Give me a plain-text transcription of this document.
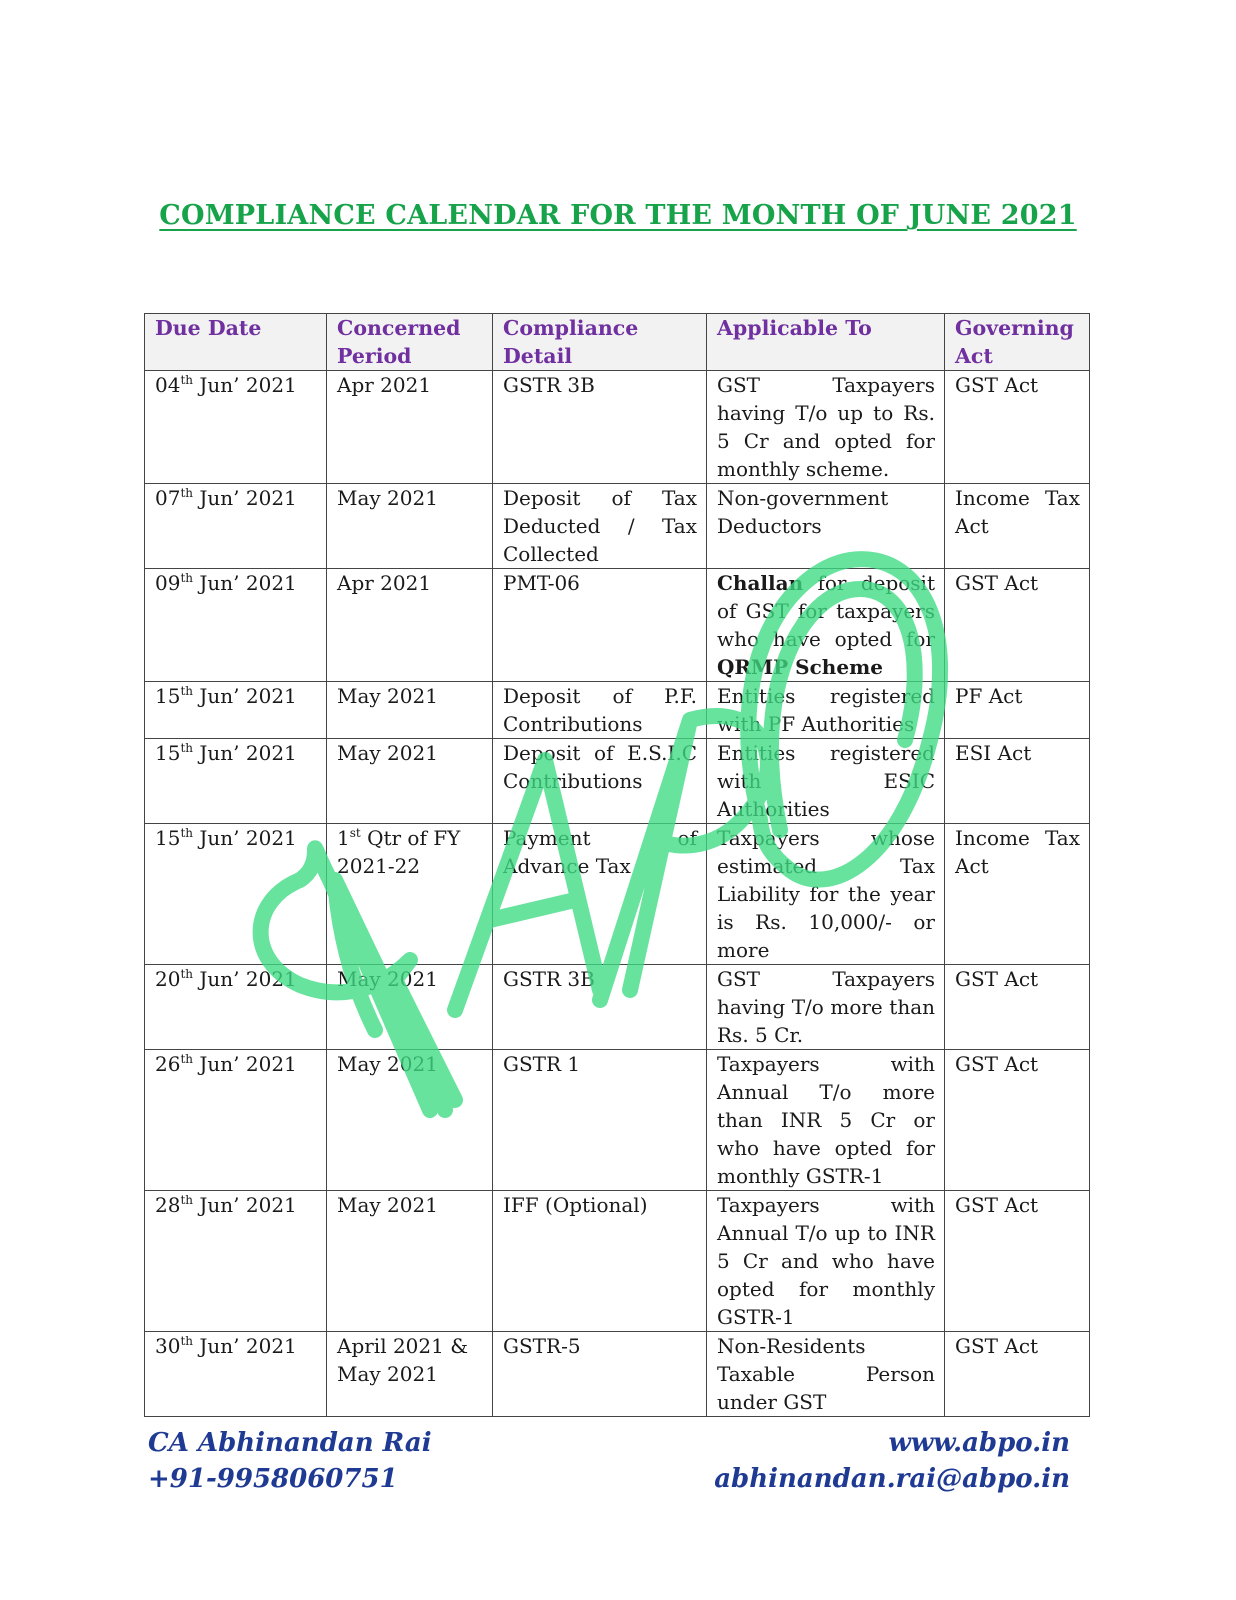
COMPLIANCE CALENDAR FOR THE MONTH OF JUNE 2021
Due Date	Concerned Period	Compliance Detail	Applicable To	Governing Act
04th Jun’ 2021	Apr 2021	GSTR 3B	GST Taxpayers having T/o up to Rs. 5 Cr and opted for monthly scheme.	GST Act
07th Jun’ 2021	May 2021	Deposit of Tax Deducted / Tax Collected	Non-government Deductors	Income Tax Act
09th Jun’ 2021	Apr 2021	PMT-06	Challan for deposit of GST for taxpayers who have opted for QRMP Scheme	GST Act
15th Jun’ 2021	May 2021	Deposit of P.F. Contributions	Entities registered with PF Authorities	PF Act
15th Jun’ 2021	May 2021	Deposit of E.S.I.C Contributions	Entities registered with ESIC Authorities	ESI Act
15th Jun’ 2021	1st Qtr of FY 2021-22	Payment of Advance Tax	Taxpayers whose estimated Tax Liability for the year is Rs. 10,000/- or more	Income Tax Act
20th Jun’ 2021	May 2021	GSTR 3B	GST Taxpayers having T/o more than Rs. 5 Cr.	GST Act
26th Jun’ 2021	May 2021	GSTR 1	Taxpayers with Annual T/o more than INR 5 Cr or who have opted for monthly GSTR-1	GST Act
28th Jun’ 2021	May 2021	IFF (Optional)	Taxpayers with Annual T/o up to INR 5 Cr and who have opted for monthly GSTR-1	GST Act
30th Jun’ 2021	April 2021 & May 2021	GSTR-5	Non-Residents Taxable Person under GST	GST Act
CA Abhinandan Rai
+91-9958060751
www.abpo.in
abhinandan.rai@abpo.in
